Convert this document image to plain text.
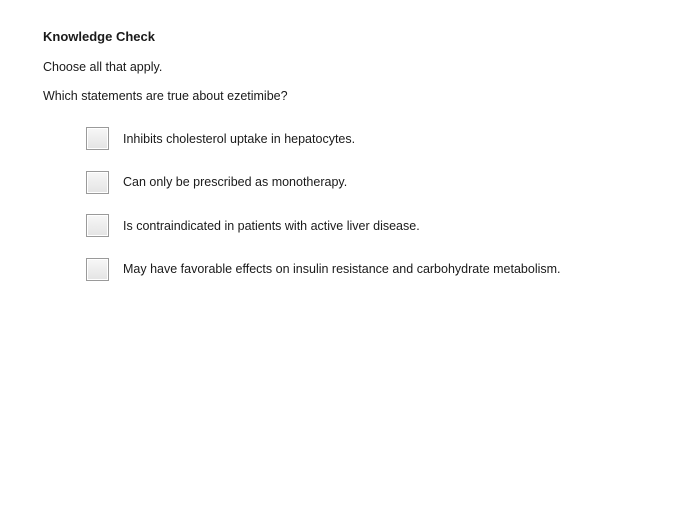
Knowledge Check
Choose all that apply.
Which statements are true about ezetimibe?
Inhibits cholesterol uptake in hepatocytes.
Can only be prescribed as monotherapy.
Is contraindicated in patients with active liver disease.
May have favorable effects on insulin resistance and carbohydrate metabolism.
